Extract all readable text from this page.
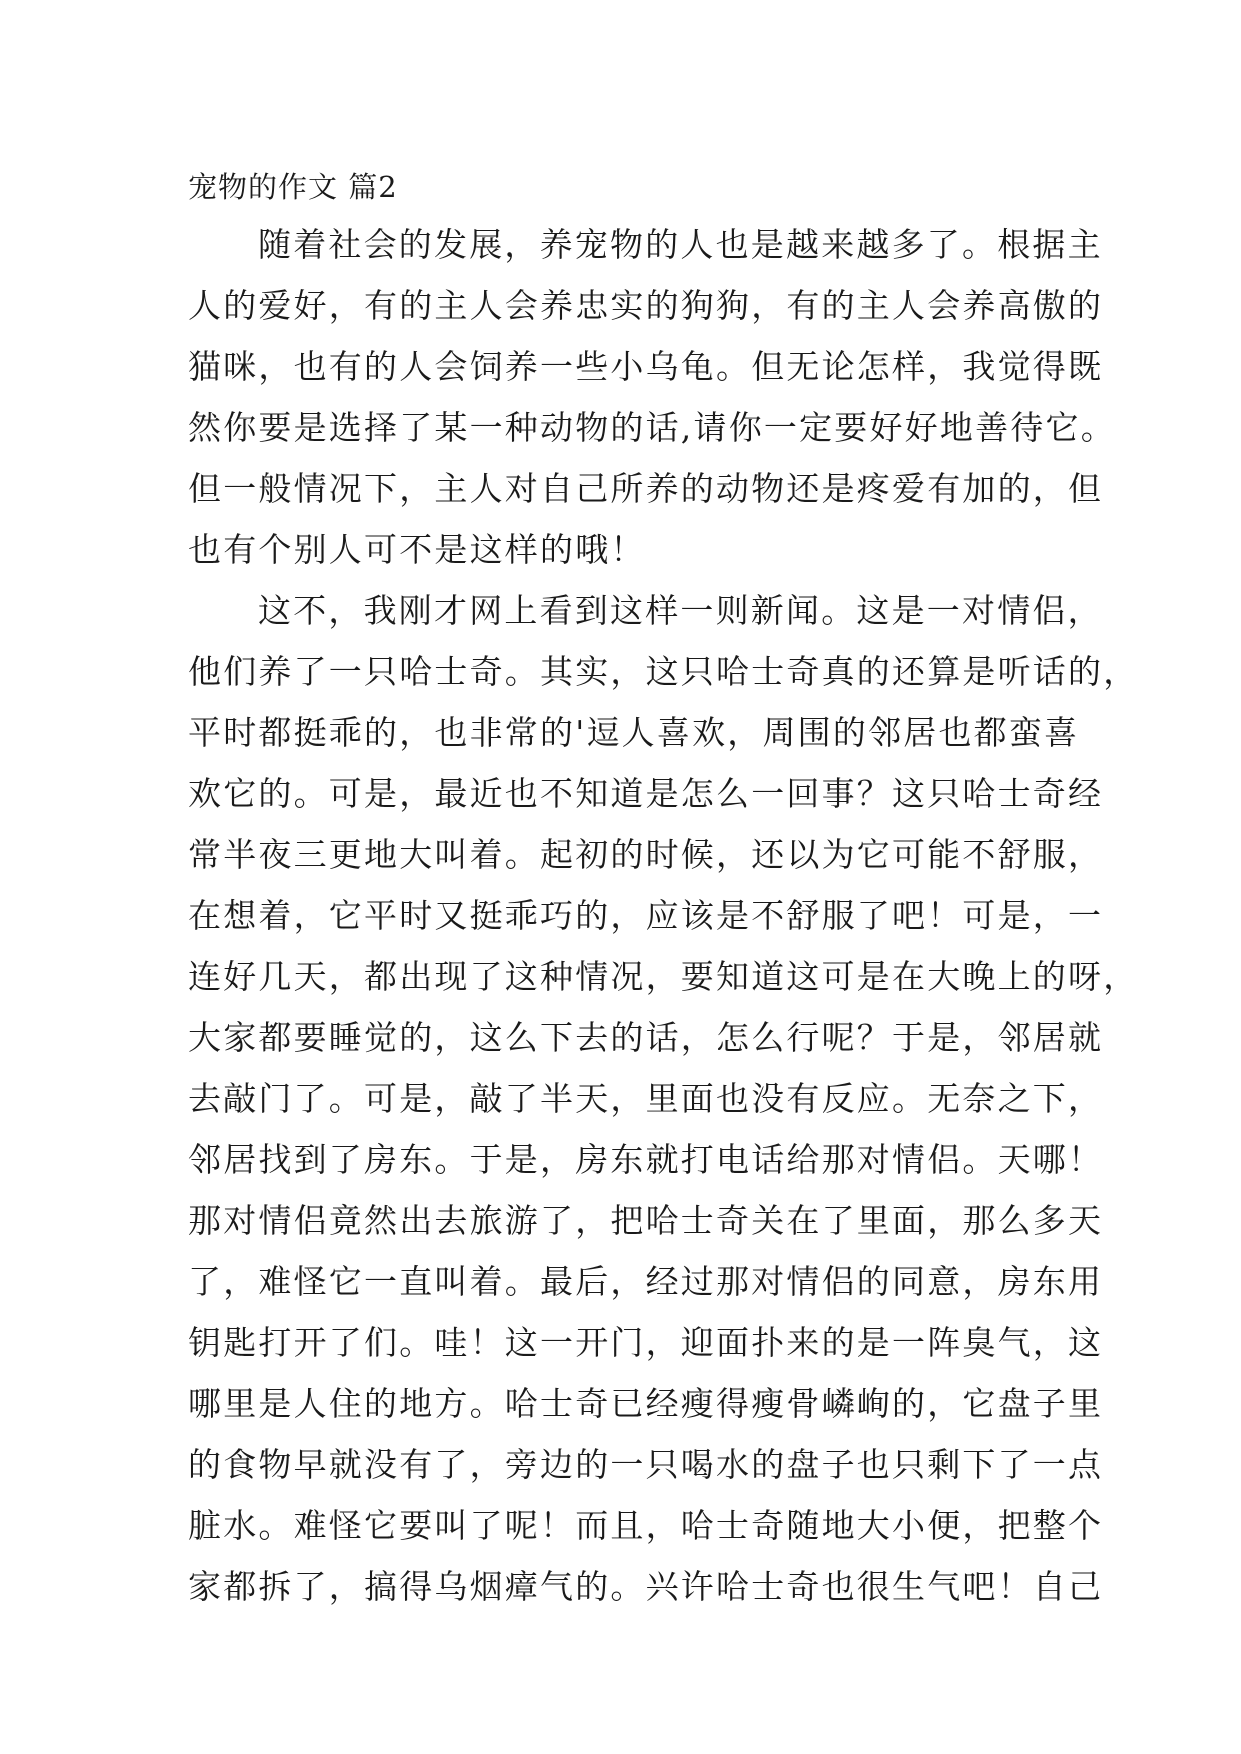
宠物的作文 篇2
随着社会的发展，养宠物的人也是越来越多了。根据主
人的爱好，有的主人会养忠实的狗狗，有的主人会养高傲的
猫咪，也有的人会饲养一些小乌龟。但无论怎样，我觉得既
然你要是选择了某一种动物的话,请你一定要好好地善待它。
但一般情况下，主人对自己所养的动物还是疼爱有加的，但
也有个别人可不是这样的哦！
这不，我刚才网上看到这样一则新闻。这是一对情侣，
他们养了一只哈士奇。其实，这只哈士奇真的还算是听话的，
平时都挺乖的，也非常的'逗人喜欢，周围的邻居也都蛮喜
欢它的。可是，最近也不知道是怎么一回事？这只哈士奇经
常半夜三更地大叫着。起初的时候，还以为它可能不舒服，
在想着，它平时又挺乖巧的，应该是不舒服了吧！可是，一
连好几天，都出现了这种情况，要知道这可是在大晚上的呀，
大家都要睡觉的，这么下去的话，怎么行呢？于是，邻居就
去敲门了。可是，敲了半天，里面也没有反应。无奈之下，
邻居找到了房东。于是，房东就打电话给那对情侣。天哪！
那对情侣竟然出去旅游了，把哈士奇关在了里面，那么多天
了，难怪它一直叫着。最后，经过那对情侣的同意，房东用
钥匙打开了们。哇！这一开门，迎面扑来的是一阵臭气，这
哪里是人住的地方。哈士奇已经瘦得瘦骨嶙峋的，它盘子里
的食物早就没有了，旁边的一只喝水的盘子也只剩下了一点
脏水。难怪它要叫了呢！而且，哈士奇随地大小便，把整个
家都拆了，搞得乌烟瘴气的。兴许哈士奇也很生气吧！自己
